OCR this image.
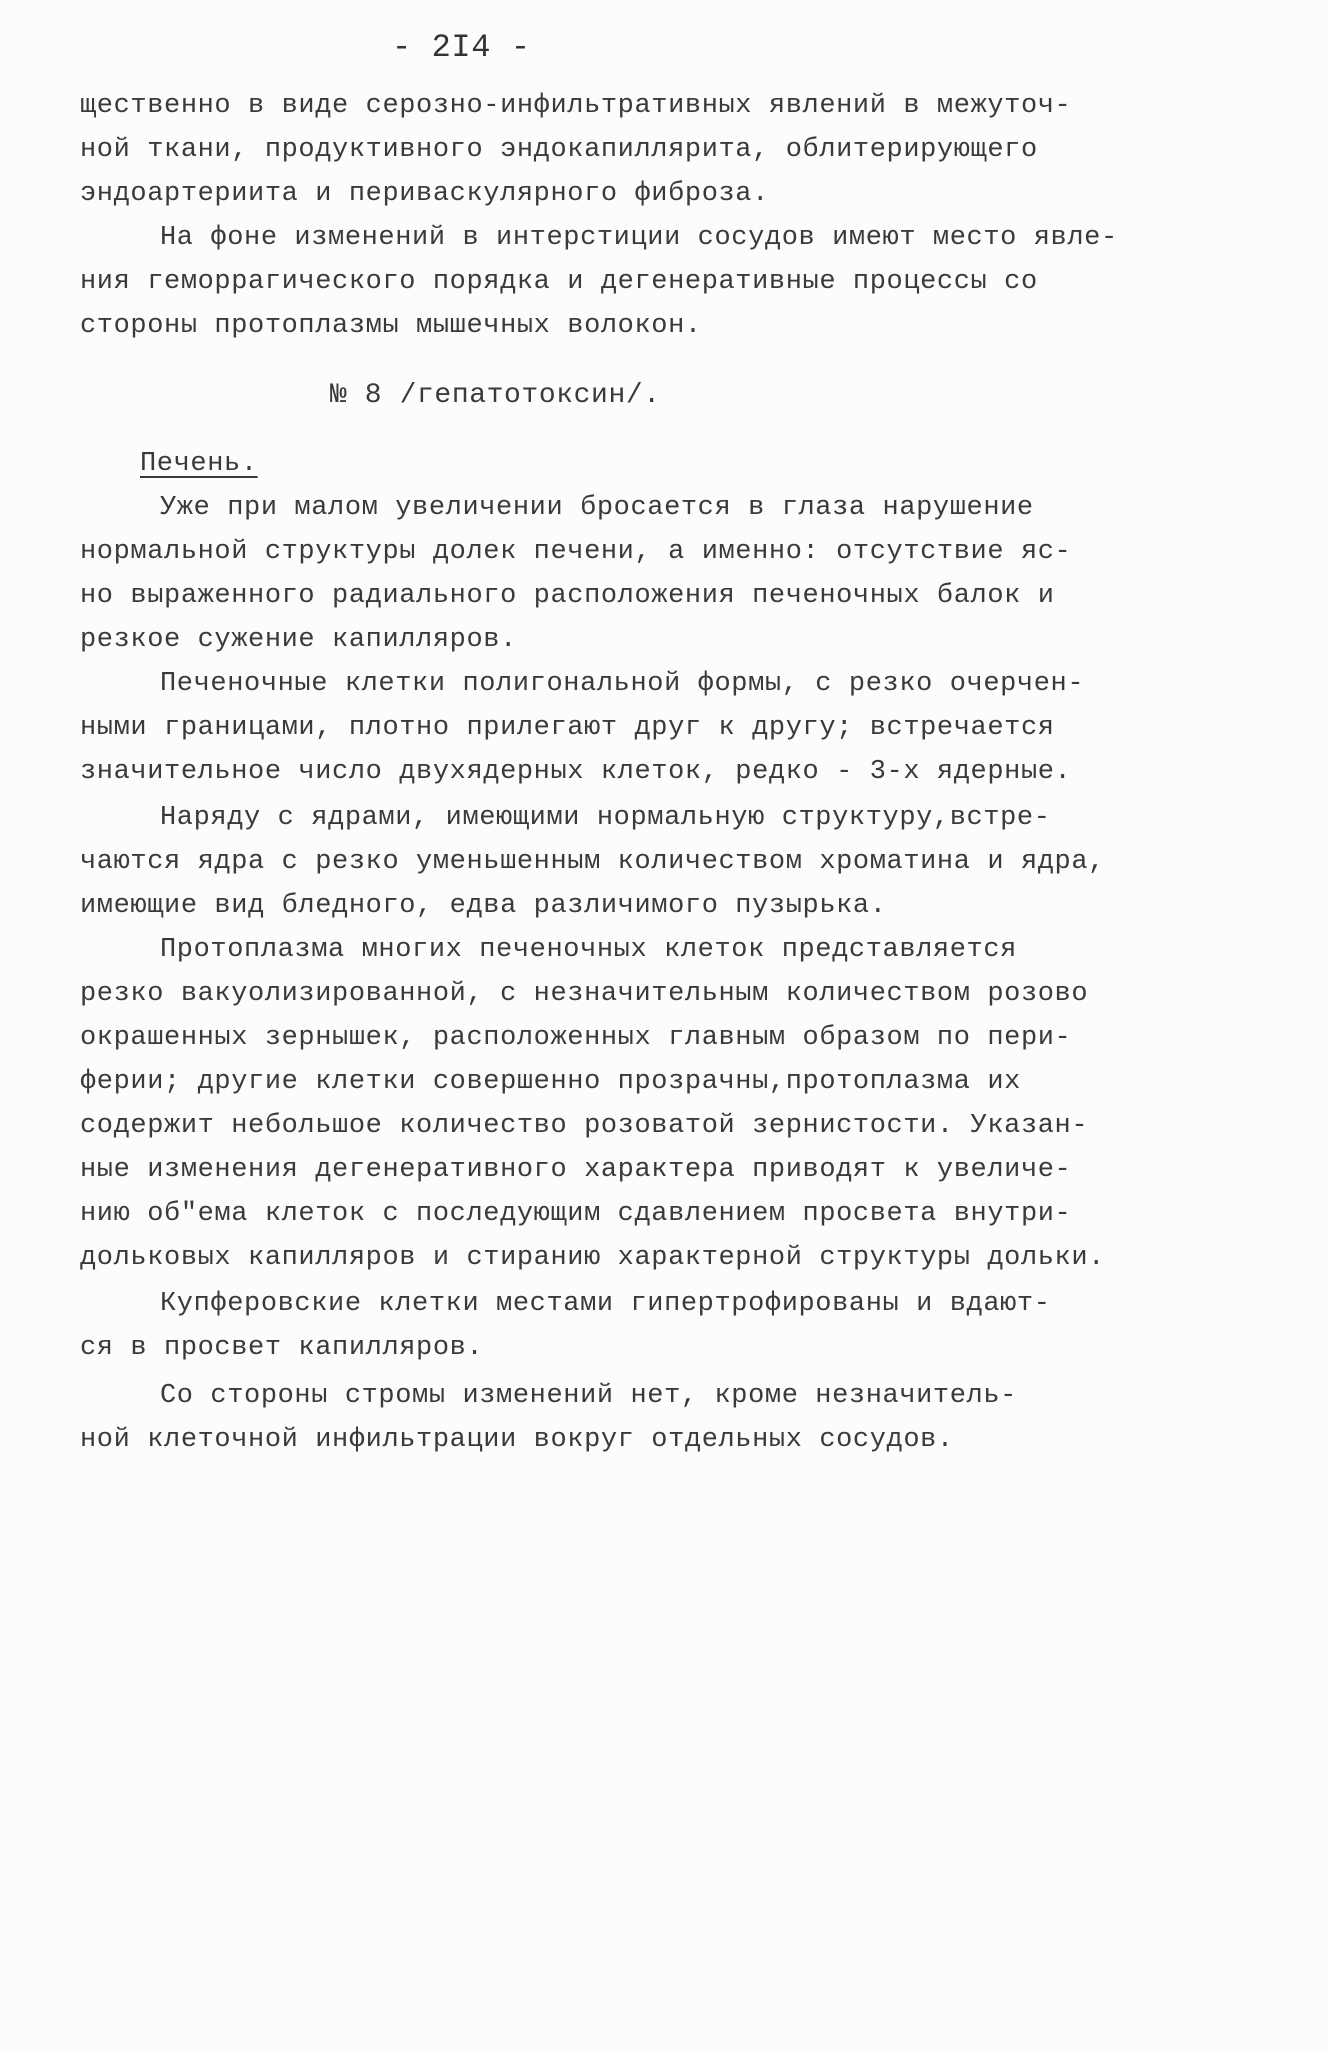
- 2I4 -
щественно в виде серозно-инфильтративных явлений в межуточ-
ной ткани, продуктивного эндокапиллярита, облитерирующего
эндоартериита и периваскулярного фиброза.
На фоне изменений в интерстиции сосудов имеют место явле-
ния геморрагического порядка и дегенеративные процессы со
стороны протоплазмы мышечных волокон.
№ 8 /гепатотоксин/.
Печень.
Уже при малом увеличении бросается в глаза нарушение
нормальной структуры долек печени, а именно: отсутствие яс-
но выраженного радиального расположения печеночных балок и
резкое сужение капилляров.
Печеночные клетки полигональной формы, с резко очерчен-
ными границами, плотно прилегают друг к другу; встречается
значительное число двухядерных клеток, редко - 3-х ядерные.
Наряду с ядрами, имеющими нормальную структуру,встре-
чаются ядра с резко уменьшенным количеством хроматина и ядра,
имеющие вид бледного, едва различимого пузырька.
Протоплазма многих печеночных клеток представляется
резко вакуолизированной, с незначительным количеством розово
окрашенных зернышек, расположенных главным образом по пери-
ферии; другие клетки совершенно прозрачны,протоплазма их
содержит небольшое количество розоватой зернистости. Указан-
ные изменения дегенеративного характера приводят к увеличе-
нию об"ема клеток с последующим сдавлением просвета внутри-
дольковых капилляров и стиранию характерной структуры дольки.
Купферовские клетки местами гипертрофированы и вдают-
ся в просвет капилляров.
Со стороны стромы изменений нет, кроме незначитель-
ной клеточной инфильтрации вокруг отдельных сосудов.
